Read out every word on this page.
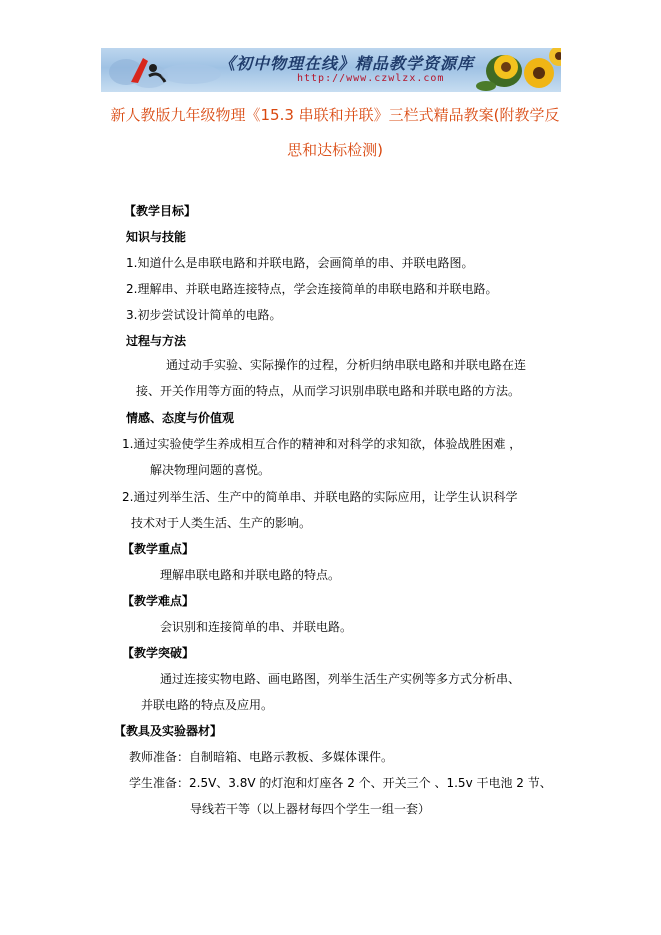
《初中物理在线》精品教学资源库
http://www.czwlzx.com
新人教版九年级物理《15.3 串联和并联》三栏式精品教案(附教学反
思和达标检测)
【教学目标】
知识与技能
1.知道什么是串联电路和并联电路，会画简单的串、并联电路图。
2.理解串、并联电路连接特点，学会连接简单的串联电路和并联电路。
3.初步尝试设计简单的电路。
过程与方法
通过动手实验、实际操作的过程，分析归纳串联电路和并联电路在连
接、开关作用等方面的特点，从而学习识别串联电路和并联电路的方法。
情感、态度与价值观
1.通过实验使学生养成相互合作的精神和对科学的求知欲，体验战胜困难 ，
解决物理问题的喜悦。
2.通过列举生活、生产中的简单串、并联电路的实际应用，让学生认识科学
技术对于人类生活、生产的影响。
【教学重点】
理解串联电路和并联电路的特点。
【教学难点】
会识别和连接简单的串、并联电路。
【教学突破】
通过连接实物电路、画电路图，列举生活生产实例等多方式分析串、
并联电路的特点及应用。
【教具及实验器材】
教师准备：自制暗箱、电路示教板、多媒体课件。
学生准备：2.5V、3.8V 的灯泡和灯座各 2 个、开关三个 、1.5v 干电池 2 节、
导线若干等（以上器材每四个学生一组一套）
